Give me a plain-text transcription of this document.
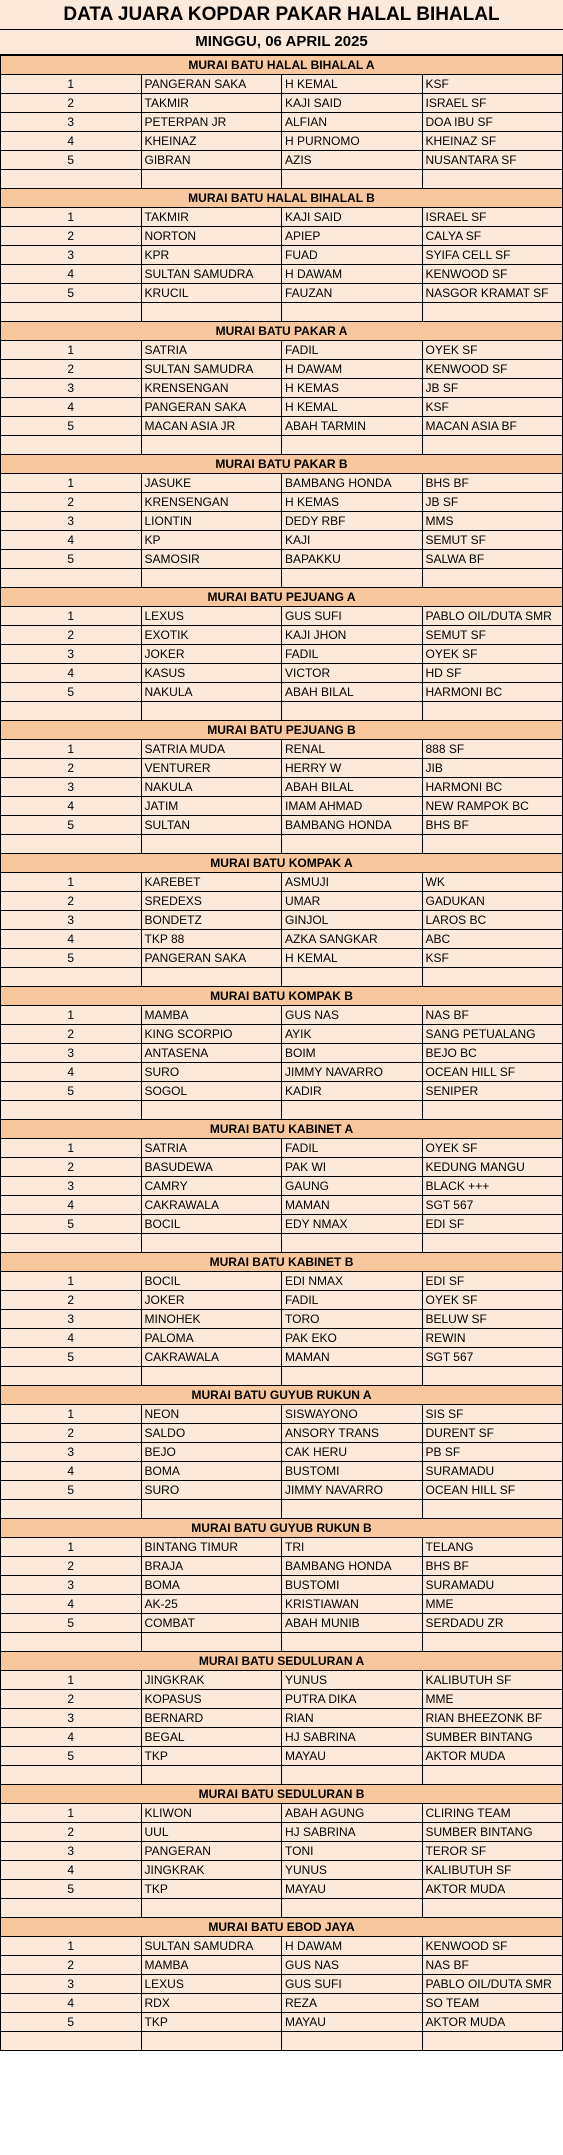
DATA JUARA KOPDAR PAKAR HALAL BIHALAL
MINGGU, 06 APRIL 2025
MURAI BATU HALAL BIHALAL A			
1	PANGERAN SAKA	H KEMAL	KSF
2	TAKMIR	KAJI SAID	ISRAEL SF
3	PETERPAN JR	ALFIAN	DOA IBU SF
4	KHEINAZ	H PURNOMO	KHEINAZ SF
5	GIBRAN	AZIS	NUSANTARA SF

MURAI BATU HALAL BIHALAL B			
1	TAKMIR	KAJI SAID	ISRAEL SF
2	NORTON	APIEP	CALYA SF
3	KPR	FUAD	SYIFA CELL SF
4	SULTAN SAMUDRA	H DAWAM	KENWOOD SF
5	KRUCIL	FAUZAN	NASGOR KRAMAT SF

MURAI BATU PAKAR A			
1	SATRIA	FADIL	OYEK SF
2	SULTAN SAMUDRA	H DAWAM	KENWOOD SF
3	KRENSENGAN	H KEMAS	JB SF
4	PANGERAN SAKA	H KEMAL	KSF
5	MACAN ASIA JR	ABAH TARMIN	MACAN ASIA BF

MURAI BATU PAKAR B			
1	JASUKE	BAMBANG HONDA	BHS BF
2	KRENSENGAN	H KEMAS	JB SF
3	LIONTIN	DEDY RBF	MMS
4	KP	KAJI	SEMUT SF
5	SAMOSIR	BAPAKKU	SALWA BF

MURAI BATU PEJUANG A			
1	LEXUS	GUS SUFI	PABLO OIL/DUTA SMR
2	EXOTIK	KAJI JHON	SEMUT SF
3	JOKER	FADIL	OYEK SF
4	KASUS	VICTOR	HD SF
5	NAKULA	ABAH BILAL	HARMONI BC

MURAI BATU PEJUANG B			
1	SATRIA MUDA	RENAL	888 SF
2	VENTURER	HERRY W	JIB
3	NAKULA	ABAH BILAL	HARMONI BC
4	JATIM	IMAM AHMAD	NEW RAMPOK BC
5	SULTAN	BAMBANG HONDA	BHS BF

MURAI BATU KOMPAK A			
1	KAREBET	ASMUJI	WK
2	SREDEXS	UMAR	GADUKAN
3	BONDETZ	GINJOL	LAROS BC
4	TKP 88	AZKA SANGKAR	ABC
5	PANGERAN SAKA	H KEMAL	KSF

MURAI BATU KOMPAK B			
1	MAMBA	GUS NAS	NAS BF
2	KING SCORPIO	AYIK	SANG PETUALANG
3	ANTASENA	BOIM	BEJO BC
4	SURO	JIMMY NAVARRO	OCEAN HILL SF
5	SOGOL	KADIR	SENIPER

MURAI BATU KABINET A			
1	SATRIA	FADIL	OYEK SF
2	BASUDEWA	PAK WI	KEDUNG MANGU
3	CAMRY	GAUNG	BLACK +++
4	CAKRAWALA	MAMAN	SGT 567
5	BOCIL	EDY NMAX	EDI SF

MURAI BATU KABINET B			
1	BOCIL	EDI NMAX	EDI SF
2	JOKER	FADIL	OYEK SF
3	MINOHEK	TORO	BELUW SF
4	PALOMA	PAK EKO	REWIN
5	CAKRAWALA	MAMAN	SGT 567

MURAI BATU GUYUB RUKUN A			
1	NEON	SISWAYONO	SIS SF
2	SALDO	ANSORY TRANS	DURENT SF
3	BEJO	CAK HERU	PB SF
4	BOMA	BUSTOMI	SURAMADU
5	SURO	JIMMY NAVARRO	OCEAN HILL SF

MURAI BATU GUYUB RUKUN B			
1	BINTANG TIMUR	TRI	TELANG
2	BRAJA	BAMBANG HONDA	BHS BF
3	BOMA	BUSTOMI	SURAMADU
4	AK-25	KRISTIAWAN	MME
5	COMBAT	ABAH MUNIB	SERDADU ZR

MURAI BATU SEDULURAN A			
1	JINGKRAK	YUNUS	KALIBUTUH SF
2	KOPASUS	PUTRA DIKA	MME
3	BERNARD	RIAN	RIAN BHEEZONK BF
4	BEGAL	HJ SABRINA	SUMBER BINTANG
5	TKP	MAYAU	AKTOR MUDA

MURAI BATU SEDULURAN B			
1	KLIWON	ABAH AGUNG	CLIRING TEAM
2	UUL	HJ SABRINA	SUMBER BINTANG
3	PANGERAN	TONI	TEROR SF
4	JINGKRAK	YUNUS	KALIBUTUH SF
5	TKP	MAYAU	AKTOR MUDA

MURAI BATU EBOD JAYA			
1	SULTAN SAMUDRA	H DAWAM	KENWOOD SF
2	MAMBA	GUS NAS	NAS BF
3	LEXUS	GUS SUFI	PABLO OIL/DUTA SMR
4	RDX	REZA	SO TEAM
5	TKP	MAYAU	AKTOR MUDA
